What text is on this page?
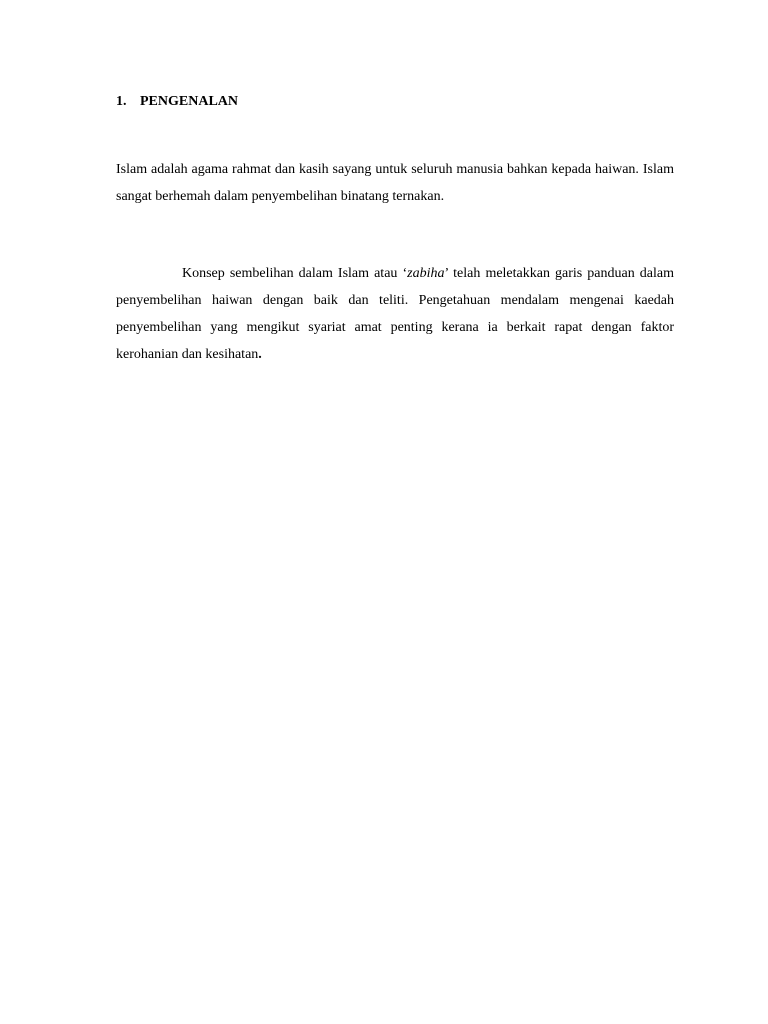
1. PENGENALAN

Islam adalah agama rahmat dan kasih sayang untuk seluruh manusia bahkan kepada haiwan. Islam sangat berhemah dalam penyembelihan binatang ternakan.

Konsep sembelihan dalam Islam atau ‘zabiha’ telah meletakkan garis panduan dalam penyembelihan haiwan dengan baik dan teliti. Pengetahuan mendalam mengenai kaedah penyembelihan yang mengikut syariat amat penting kerana ia berkait rapat dengan faktor kerohanian dan kesihatan.
